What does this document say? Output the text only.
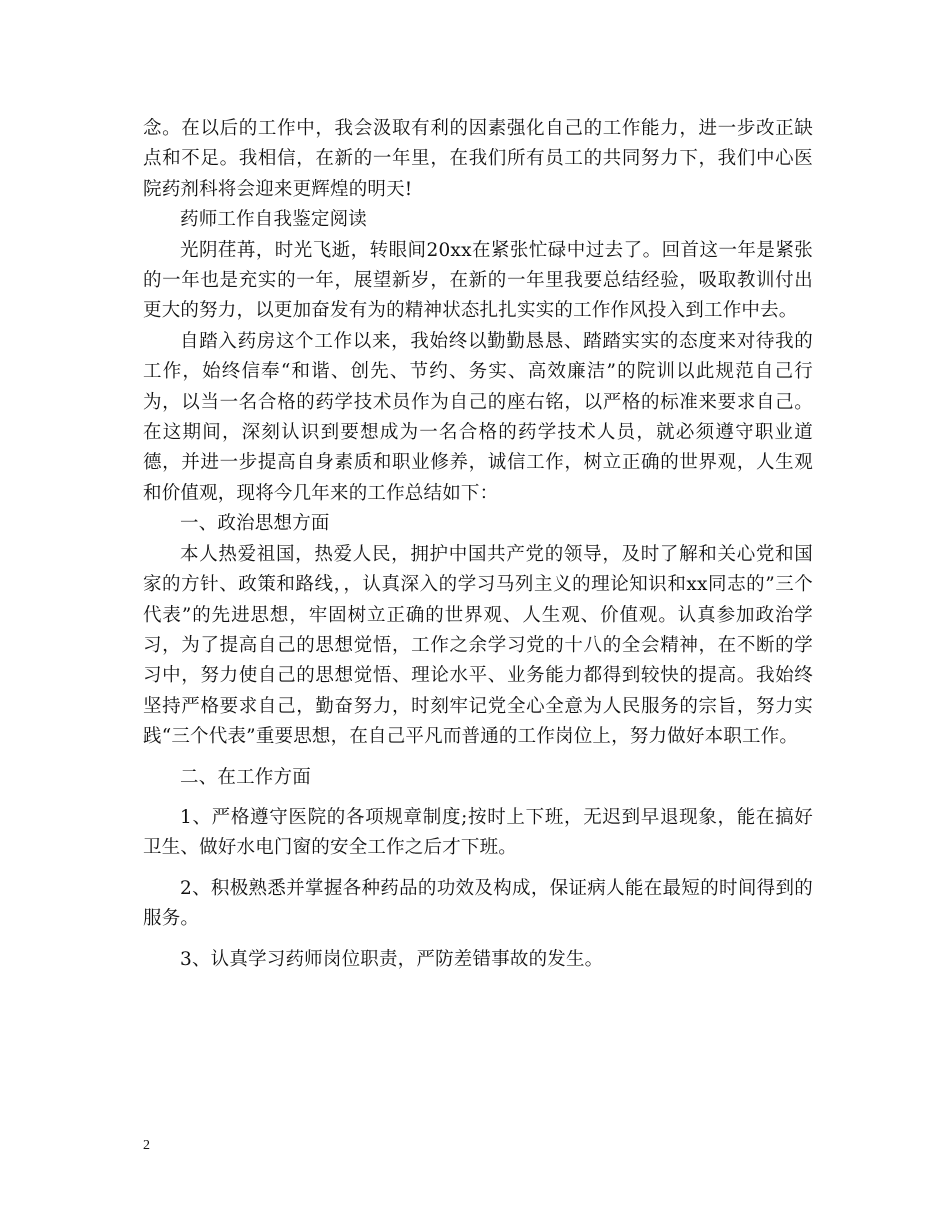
念。在以后的工作中，我会汲取有利的因素强化自己的工作能力，进一步改正缺点和不足。我相信，在新的一年里，在我们所有员工的共同努力下，我们中心医院药剂科将会迎来更辉煌的明天!

药师工作自我鉴定阅读

光阴荏苒，时光飞逝，转眼间20xx在紧张忙碌中过去了。回首这一年是紧张的一年也是充实的一年，展望新岁，在新的一年里我要总结经验，吸取教训付出更大的努力，以更加奋发有为的精神状态扎扎实实的工作作风投入到工作中去。

自踏入药房这个工作以来，我始终以勤勤恳恳、踏踏实实的态度来对待我的工作，始终信奉“和谐、创先、节约、务实、高效廉洁”的院训以此规范自己行为，以当一名合格的药学技术员作为自己的座右铭，以严格的标准来要求自己。在这期间，深刻认识到要想成为一名合格的药学技术人员，就必须遵守职业道德，并进一步提高自身素质和职业修养，诚信工作，树立正确的世界观，人生观和价值观，现将今几年来的工作总结如下：

一、政治思想方面

本人热爱祖国，热爱人民，拥护中国共产党的领导，及时了解和关心党和国家的方针、政策和路线，，认真深入的学习马列主义的理论知识和xx同志的”三个代表”的先进思想，牢固树立正确的世界观、人生观、价值观。认真参加政治学习，为了提高自己的思想觉悟，工作之余学习党的十八的全会精神，在不断的学习中，努力使自己的思想觉悟、理论水平、业务能力都得到较快的提高。我始终坚持严格要求自己，勤奋努力，时刻牢记党全心全意为人民服务的宗旨，努力实践“三个代表”重要思想，在自己平凡而普通的工作岗位上，努力做好本职工作。

二、在工作方面

1、严格遵守医院的各项规章制度;按时上下班，无迟到早退现象，能在搞好卫生、做好水电门窗的安全工作之后才下班。

2、积极熟悉并掌握各种药品的功效及构成，保证病人能在最短的时间得到的服务。

3、认真学习药师岗位职责，严防差错事故的发生。

2
